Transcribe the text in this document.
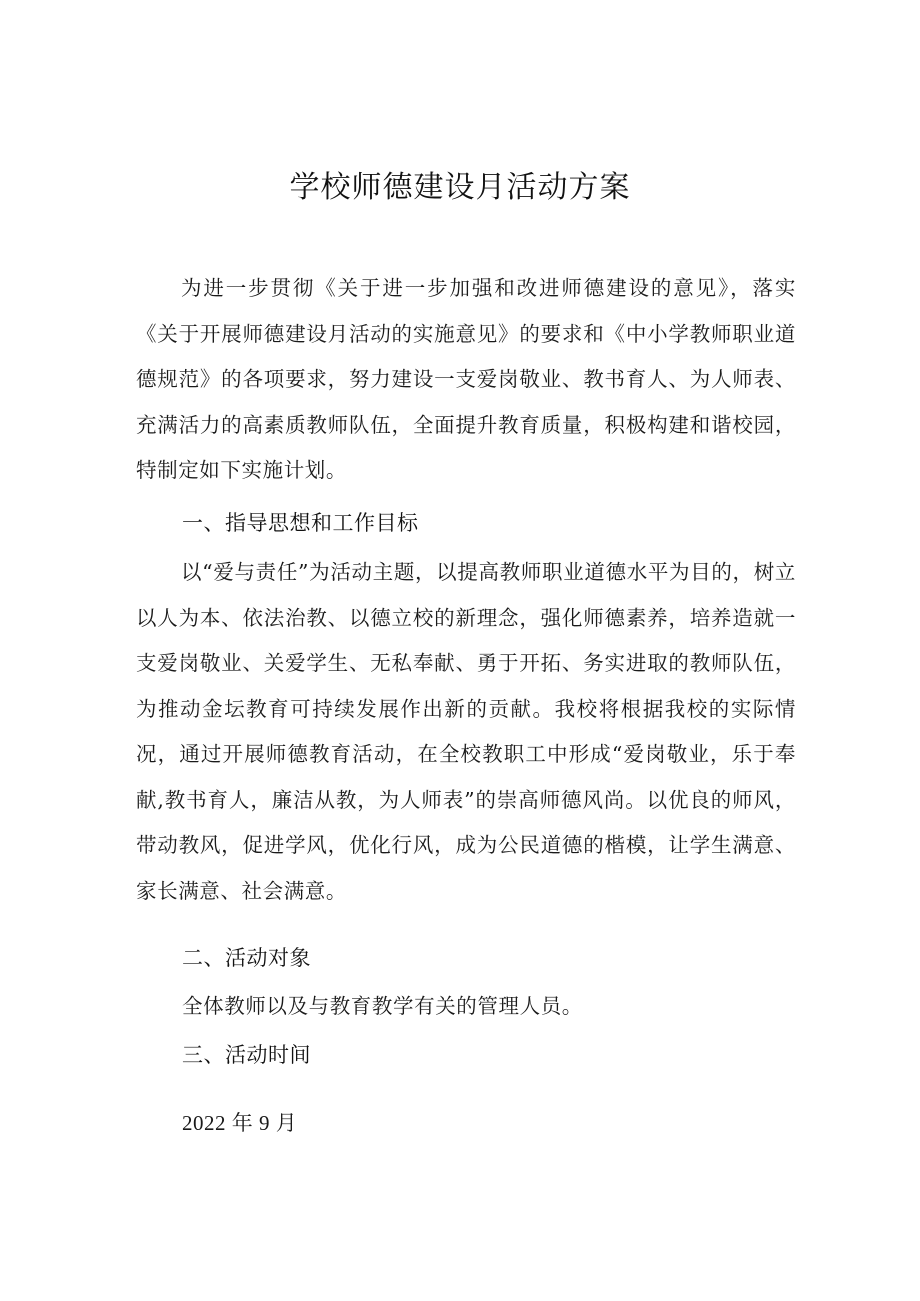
学校师德建设月活动方案
为进一步贯彻《关于进一步加强和改进师德建设的意见》，落实《关于开展师德建设月活动的实施意见》的要求和《中小学教师职业道德规范》的各项要求，努力建设一支爱岗敬业、教书育人、为人师表、充满活力的高素质教师队伍，全面提升教育质量，积极构建和谐校园，特制定如下实施计划。
一、指导思想和工作目标
以“爱与责任”为活动主题，以提高教师职业道德水平为目的，树立以人为本、依法治教、以德立校的新理念，强化师德素养，培养造就一支爱岗敬业、关爱学生、无私奉献、勇于开拓、务实进取的教师队伍，为推动金坛教育可持续发展作出新的贡献。我校将根据我校的实际情况，通过开展师德教育活动，在全校教职工中形成“爱岗敬业，乐于奉献,教书育人，廉洁从教，为人师表”的崇高师德风尚。以优良的师风，带动教风，促进学风，优化行风，成为公民道德的楷模，让学生满意、家长满意、社会满意。
二、活动对象
全体教师以及与教育教学有关的管理人员。
三、活动时间
2022 年 9 月
